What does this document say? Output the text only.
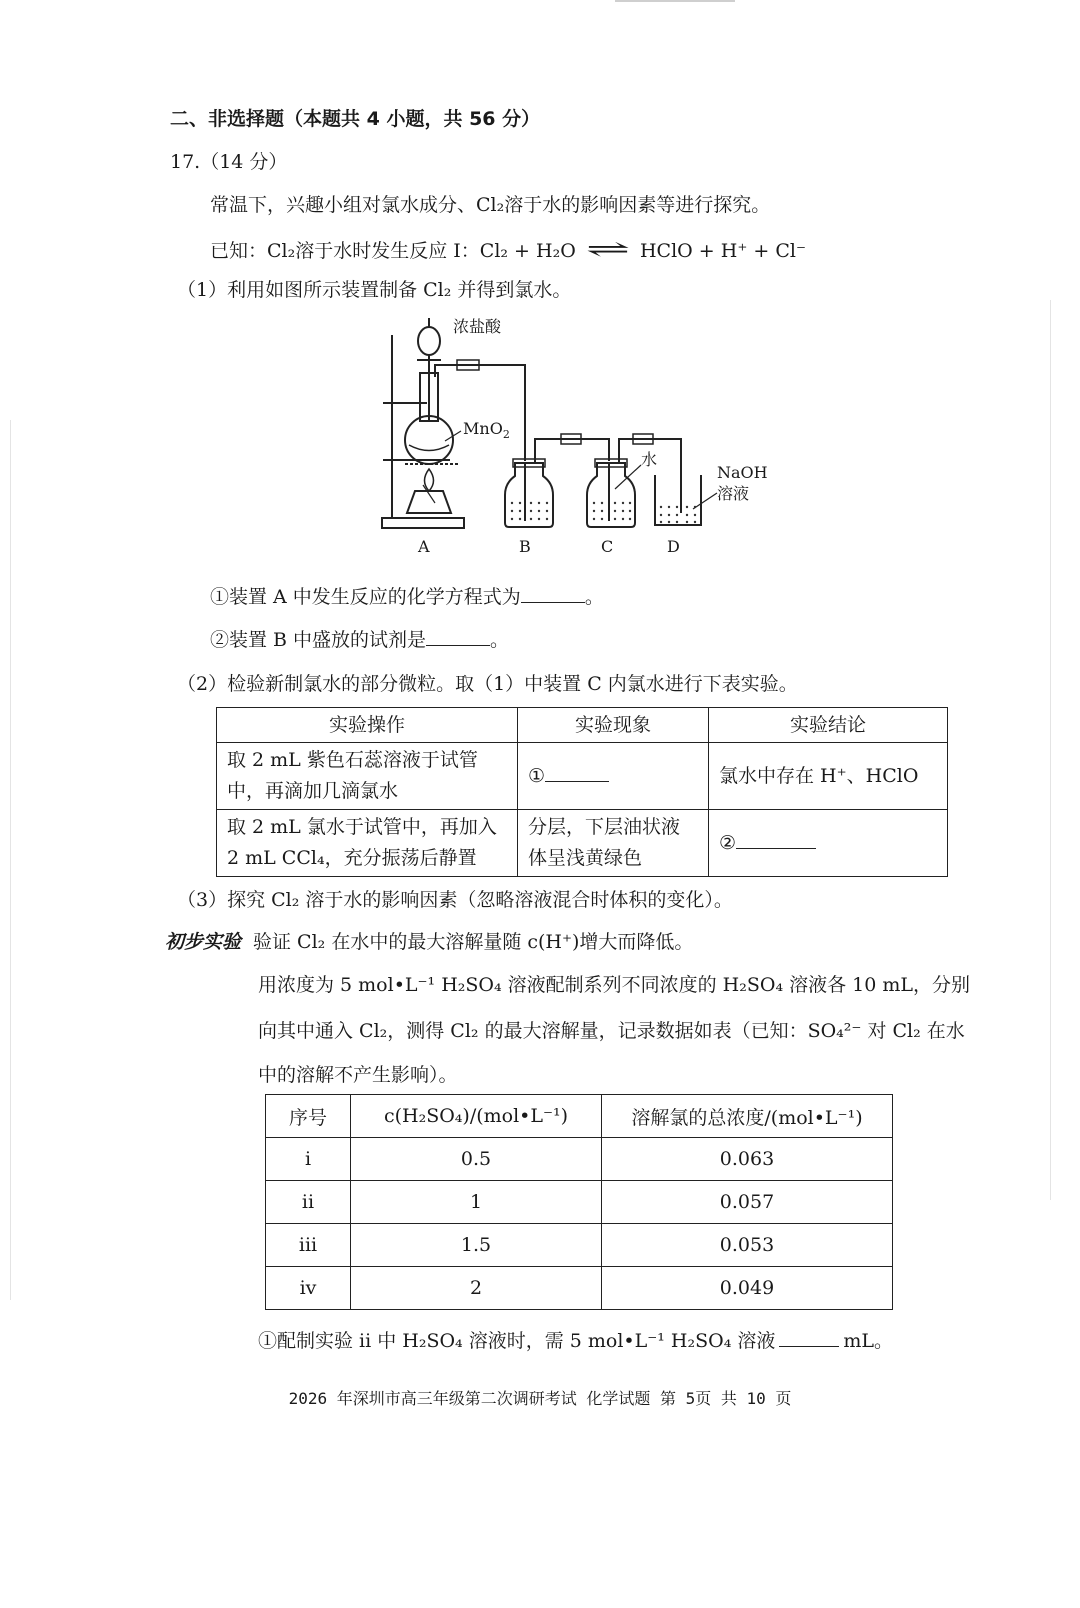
二、非选择题（本题共 4 小题，共 56 分）
17.（14 分）
常温下，兴趣小组对氯水成分、Cl₂溶于水的影响因素等进行探究。
已知：Cl₂溶于水时发生反应 I：Cl₂ + H₂O ⇌ HClO + H⁺ + Cl⁻
（1）利用如图所示装置制备 Cl₂ 并得到氯水。
浓盐酸
MnO$_2$
水
NaOH
溶液
A	B	C	D
①装置 A 中发生反应的化学方程式为	。
②装置 B 中盛放的试剂是	。
（2）检验新制氯水的部分微粒。取（1）中装置 C 内氯水进行下表实验。
实验操作	实验现象	实验结论
取 2 mL 紫色石蕊溶液于试管
中，再滴加几滴氯水	①	氯水中存在 H⁺、HClO
取 2 mL 氯水于试管中，再加入
2 mL CCl₄，充分振荡后静置	分层，下层油状液
体呈浅黄绿色	②
（3）探究 Cl₂ 溶于水的影响因素（忽略溶液混合时体积的变化）。
初步实验 验证 Cl₂ 在水中的最大溶解量随 c(H⁺)增大而降低。
用浓度为 5 mol•L⁻¹ H₂SO₄ 溶液配制系列不同浓度的 H₂SO₄ 溶液各 10 mL，分别
向其中通入 Cl₂，测得 Cl₂ 的最大溶解量，记录数据如表（已知：SO₄²⁻ 对 Cl₂ 在水
中的溶解不产生影响）。
序号	c(H₂SO₄)/(mol•L⁻¹)	溶解氯的总浓度/(mol•L⁻¹)
i	0.5	0.063
ii	1	0.057
iii	1.5	0.053
iv	2	0.049
①配制实验 ii 中 H₂SO₄ 溶液时，需 5 mol•L⁻¹ H₂SO₄ 溶液	mL。
2026 年深圳市高三年级第二次调研考试 化学试题 第 5页 共 10 页
